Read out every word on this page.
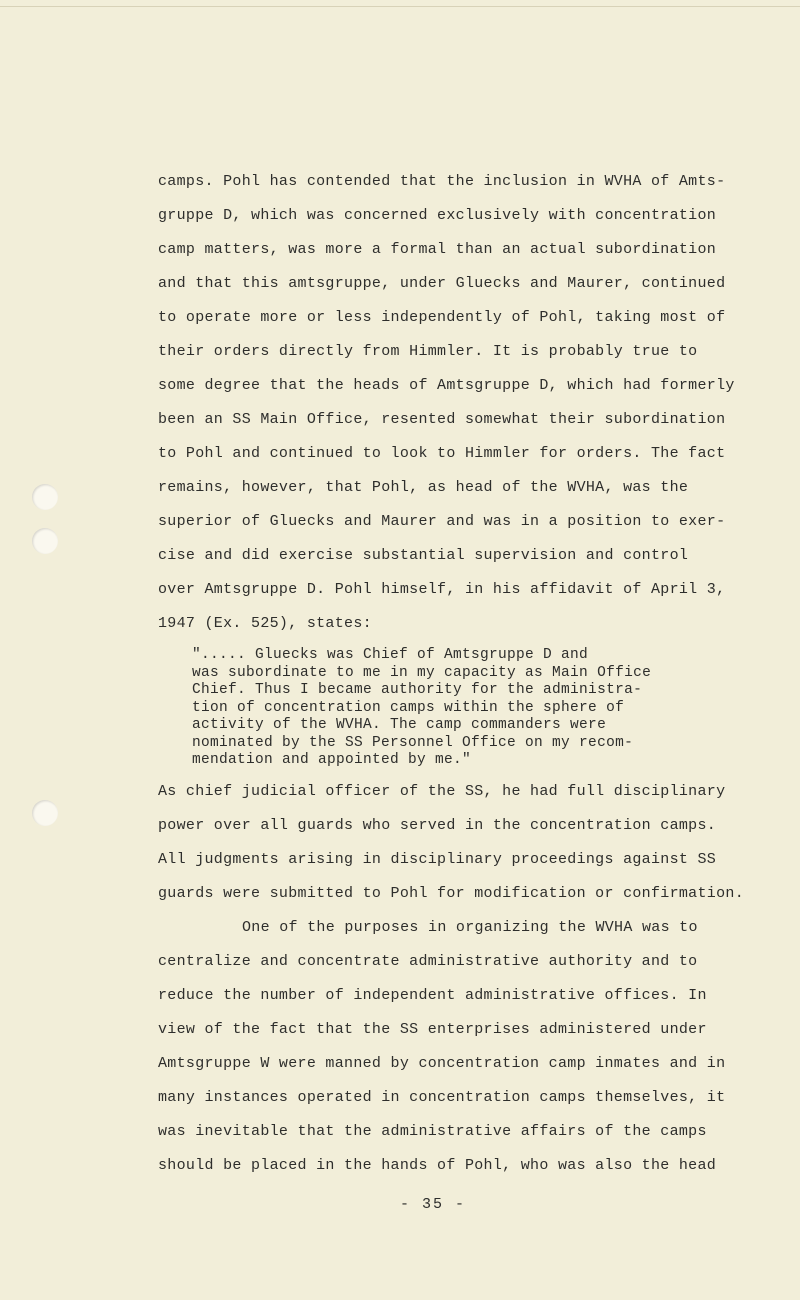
camps. Pohl has contended that the inclusion in WVHA of Amts-
gruppe D, which was concerned exclusively with concentration
camp matters, was more a formal than an actual subordination
and that this amtsgruppe, under Gluecks and Maurer, continued
to operate more or less independently of Pohl, taking most of
their orders directly from Himmler. It is probably true to
some degree that the heads of Amtsgruppe D, which had formerly
been an SS Main Office, resented somewhat their subordination
to Pohl and continued to look to Himmler for orders. The fact
remains, however, that Pohl, as head of the WVHA, was the
superior of Gluecks and Maurer and was in a position to exer-
cise and did exercise substantial supervision and control
over Amtsgruppe D. Pohl himself, in his affidavit of April 3,
1947 (Ex. 525), states:
"..... Gluecks was Chief of Amtsgruppe D and
was subordinate to me in my capacity as Main Office
Chief. Thus I became authority for the administra-
tion of concentration camps within the sphere of
activity of the WVHA. The camp commanders were
nominated by the SS Personnel Office on my recom-
mendation and appointed by me."
As chief judicial officer of the SS, he had full disciplinary
power over all guards who served in the concentration camps.
All judgments arising in disciplinary proceedings against SS
guards were submitted to Pohl for modification or confirmation.
One of the purposes in organizing the WVHA was to
centralize and concentrate administrative authority and to
reduce the number of independent administrative offices. In
view of the fact that the SS enterprises administered under
Amtsgruppe W were manned by concentration camp inmates and in
many instances operated in concentration camps themselves, it
was inevitable that the administrative affairs of the camps
should be placed in the hands of Pohl, who was also the head
- 35 -
